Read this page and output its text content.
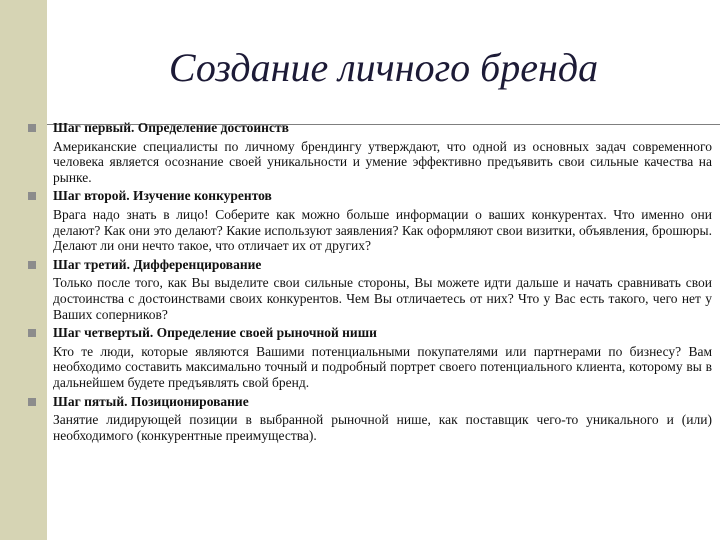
Создание личного бренда

Шаг первый. Определение достоинств

Американские специалисты по личному брендингу утверждают, что одной из основных задач современного человека является осознание своей уникальности и умение эффективно предъявить свои сильные качества на рынке.

Шаг второй. Изучение конкурентов

Врага надо знать в лицо! Соберите как можно больше информации о ваших конкурентах. Что именно они делают? Как они это делают? Какие используют заявления? Как оформляют свои визитки, объявления, брошюры. Делают ли они нечто такое, что отличает их от других?

Шаг третий. Дифференцирование

Только после того, как Вы выделите свои сильные стороны, Вы можете идти дальше и начать сравнивать свои достоинства с достоинствами своих конкурентов. Чем Вы отличаетесь от них? Что у Вас есть такого, чего нет у Ваших соперников?

Шаг четвертый. Определение своей рыночной ниши

Кто те люди, которые являются Вашими потенциальными покупателями или партнерами по бизнесу? Вам необходимо составить максимально точный и подробный портрет своего потенциального клиента, которому вы в дальнейшем будете предъявлять свой бренд.

Шаг пятый. Позиционирование

Занятие лидирующей позиции в выбранной рыночной нише, как поставщик чего-то уникального и (или) необходимого (конкурентные преимущества).
